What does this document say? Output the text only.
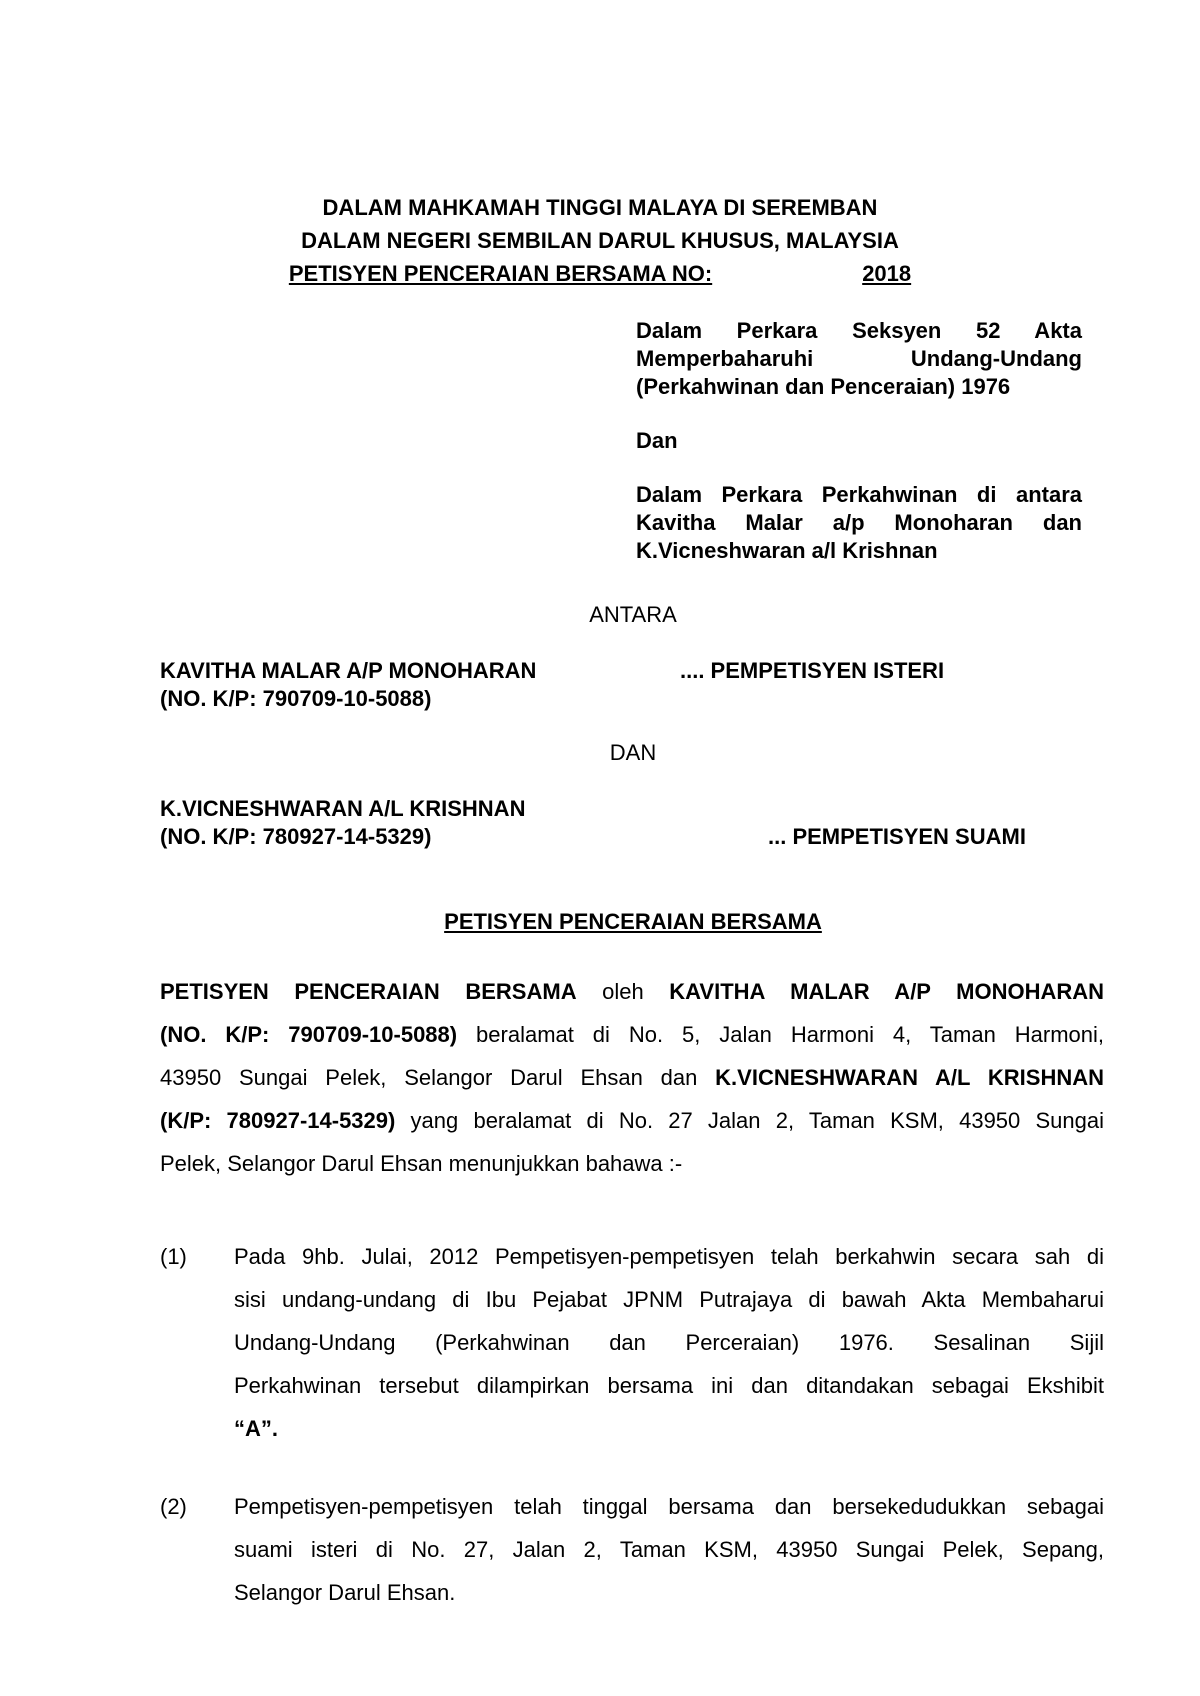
DALAM MAHKAMAH TINGGI MALAYA DI SEREMBAN
DALAM NEGERI SEMBILAN DARUL KHUSUS, MALAYSIA
PETISYEN PENCERAIAN BERSAMA NO:	2018

Dalam Perkara Seksyen 52 Akta
Memperbaharuhi Undang-Undang
(Perkahwinan dan Penceraian) 1976

Dan

Dalam Perkara Perkahwinan di antara
Kavitha Malar a/p Monoharan dan
K.Vicneshwaran a/l Krishnan

ANTARA
KAVITHA MALAR A/P MONOHARAN
(NO. K/P: 790709-10-5088)
.... PEMPETISYEN ISTERI
DAN
K.VICNESHWARAN A/L KRISHNAN
(NO. K/P: 780927-14-5329)	... PEMPETISYEN SUAMI
PETISYEN PENCERAIAN BERSAMA
PETISYEN PENCERAIAN BERSAMA oleh KAVITHA MALAR A/P MONOHARAN
(NO. K/P: 790709-10-5088) beralamat di No. 5, Jalan Harmoni 4, Taman Harmoni,
43950 Sungai Pelek, Selangor Darul Ehsan dan K.VICNESHWARAN A/L KRISHNAN
(K/P: 780927-14-5329) yang beralamat di No. 27 Jalan 2, Taman KSM, 43950 Sungai
Pelek, Selangor Darul Ehsan menunjukkan bahawa :-
(1) Pada 9hb. Julai, 2012 Pempetisyen-pempetisyen telah berkahwin secara sah di
sisi undang-undang di Ibu Pejabat JPNM Putrajaya di bawah Akta Membaharui
Undang-Undang (Perkahwinan dan Perceraian) 1976. Sesalinan Sijil
Perkahwinan tersebut dilampirkan bersama ini dan ditandakan sebagai Ekshibit
“A”.
(2) Pempetisyen-pempetisyen telah tinggal bersama dan bersekedudukkan sebagai
suami isteri di No. 27, Jalan 2, Taman KSM, 43950 Sungai Pelek, Sepang,
Selangor Darul Ehsan.
